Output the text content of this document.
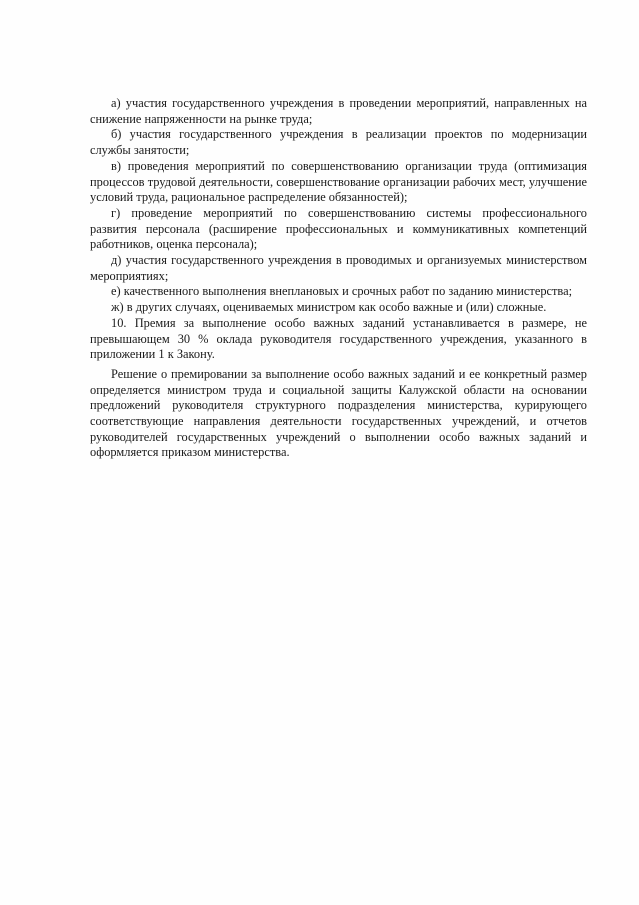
а) участия государственного учреждения в проведении мероприятий, направленных на снижение напряженности на рынке труда;

б) участия государственного учреждения в реализации проектов по модернизации службы занятости;

в) проведения мероприятий по совершенствованию организации труда (оптимизация процессов трудовой деятельности, совершенствование организации рабочих мест, улучшение условий труда, рациональное распределение обязанностей);

г) проведение мероприятий по совершенствованию системы профессионального развития персонала (расширение профессиональных и коммуникативных компетенций работников, оценка персонала);

д) участия государственного учреждения в проводимых и организуемых министерством мероприятиях;

е) качественного выполнения внеплановых и срочных работ по заданию министерства;

ж) в других случаях, оцениваемых министром как особо важные и (или) сложные.

10. Премия за выполнение особо важных заданий устанавливается в размере, не превышающем 30 % оклада руководителя государственного учреждения, указанного в приложении 1 к Закону.

Решение о премировании за выполнение особо важных заданий и ее конкретный размер определяется министром труда и социальной защиты Калужской области на основании предложений руководителя структурного подразделения министерства, курирующего соответствующие направления деятельности государственных учреждений, и отчетов руководителей государственных учреждений о выполнении особо важных заданий и оформляется приказом министерства.
